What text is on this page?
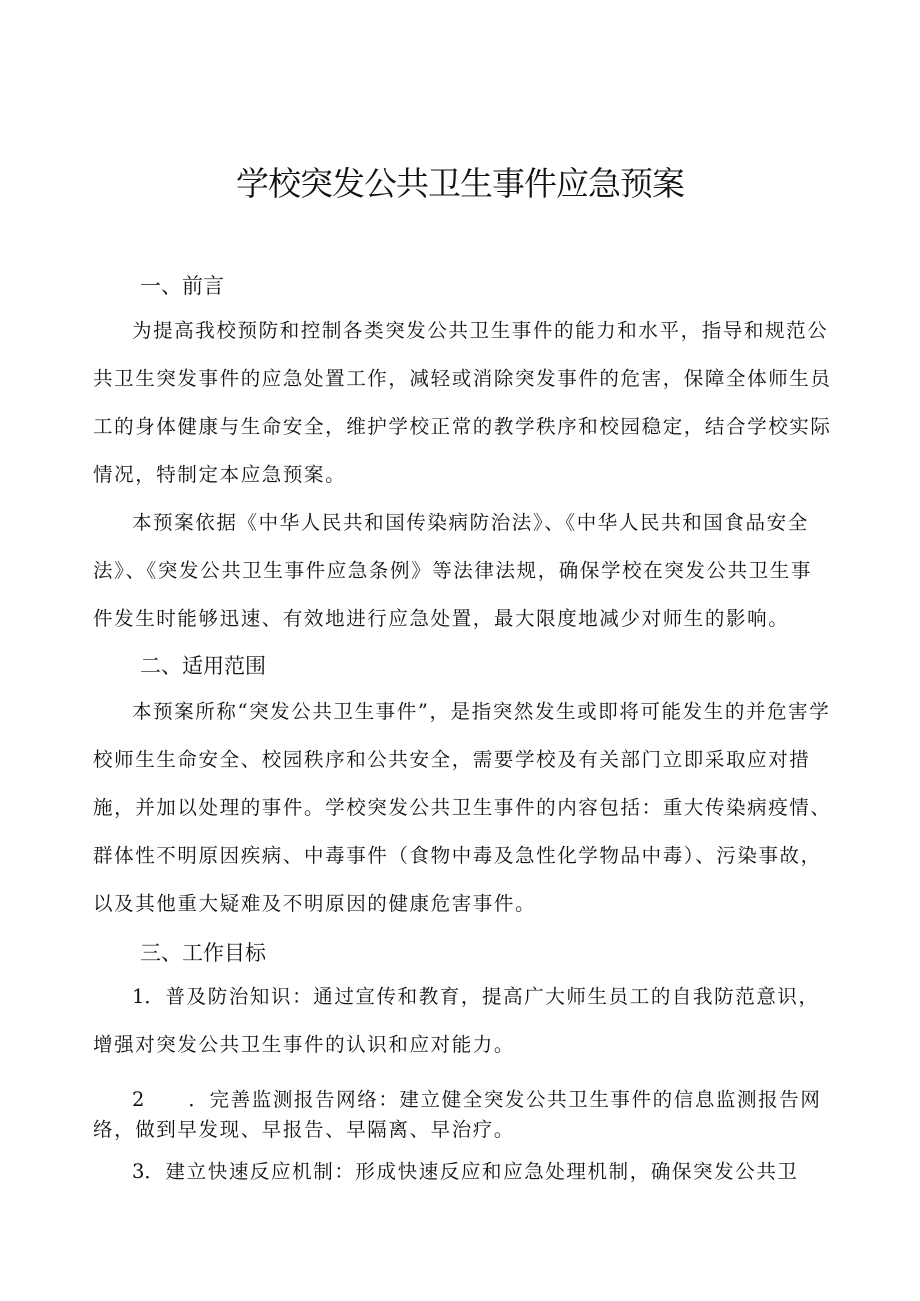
学校突发公共卫生事件应急预案
一、前言

为提高我校预防和控制各类突发公共卫生事件的能力和水平，指导和规范公共卫生突发事件的应急处置工作，减轻或消除突发事件的危害，保障全体师生员工的身体健康与生命安全，维护学校正常的教学秩序和校园稳定，结合学校实际情况，特制定本应急预案。

本预案依据《中华人民共和国传染病防治法》、《中华人民共和国食品安全法》、《突发公共卫生事件应急条例》等法律法规，确保学校在突发公共卫生事件发生时能够迅速、有效地进行应急处置，最大限度地减少对师生的影响。

二、适用范围

本预案所称“突发公共卫生事件”，是指突然发生或即将可能发生的并危害学校师生生命安全、校园秩序和公共安全，需要学校及有关部门立即采取应对措施，并加以处理的事件。学校突发公共卫生事件的内容包括：重大传染病疫情、群体性不明原因疾病、中毒事件（食物中毒及急性化学物品中毒）、污染事故，以及其他重大疑难及不明原因的健康危害事件。

三、工作目标

1．普及防治知识：通过宣传和教育，提高广大师生员工的自我防范意识，增强对突发公共卫生事件的认识和应对能力。

2 ．完善监测报告网络：建立健全突发公共卫生事件的信息监测报告网络，做到早发现、早报告、早隔离、早治疗。

3．建立快速反应机制：形成快速反应和应急处理机制，确保突发公共卫
